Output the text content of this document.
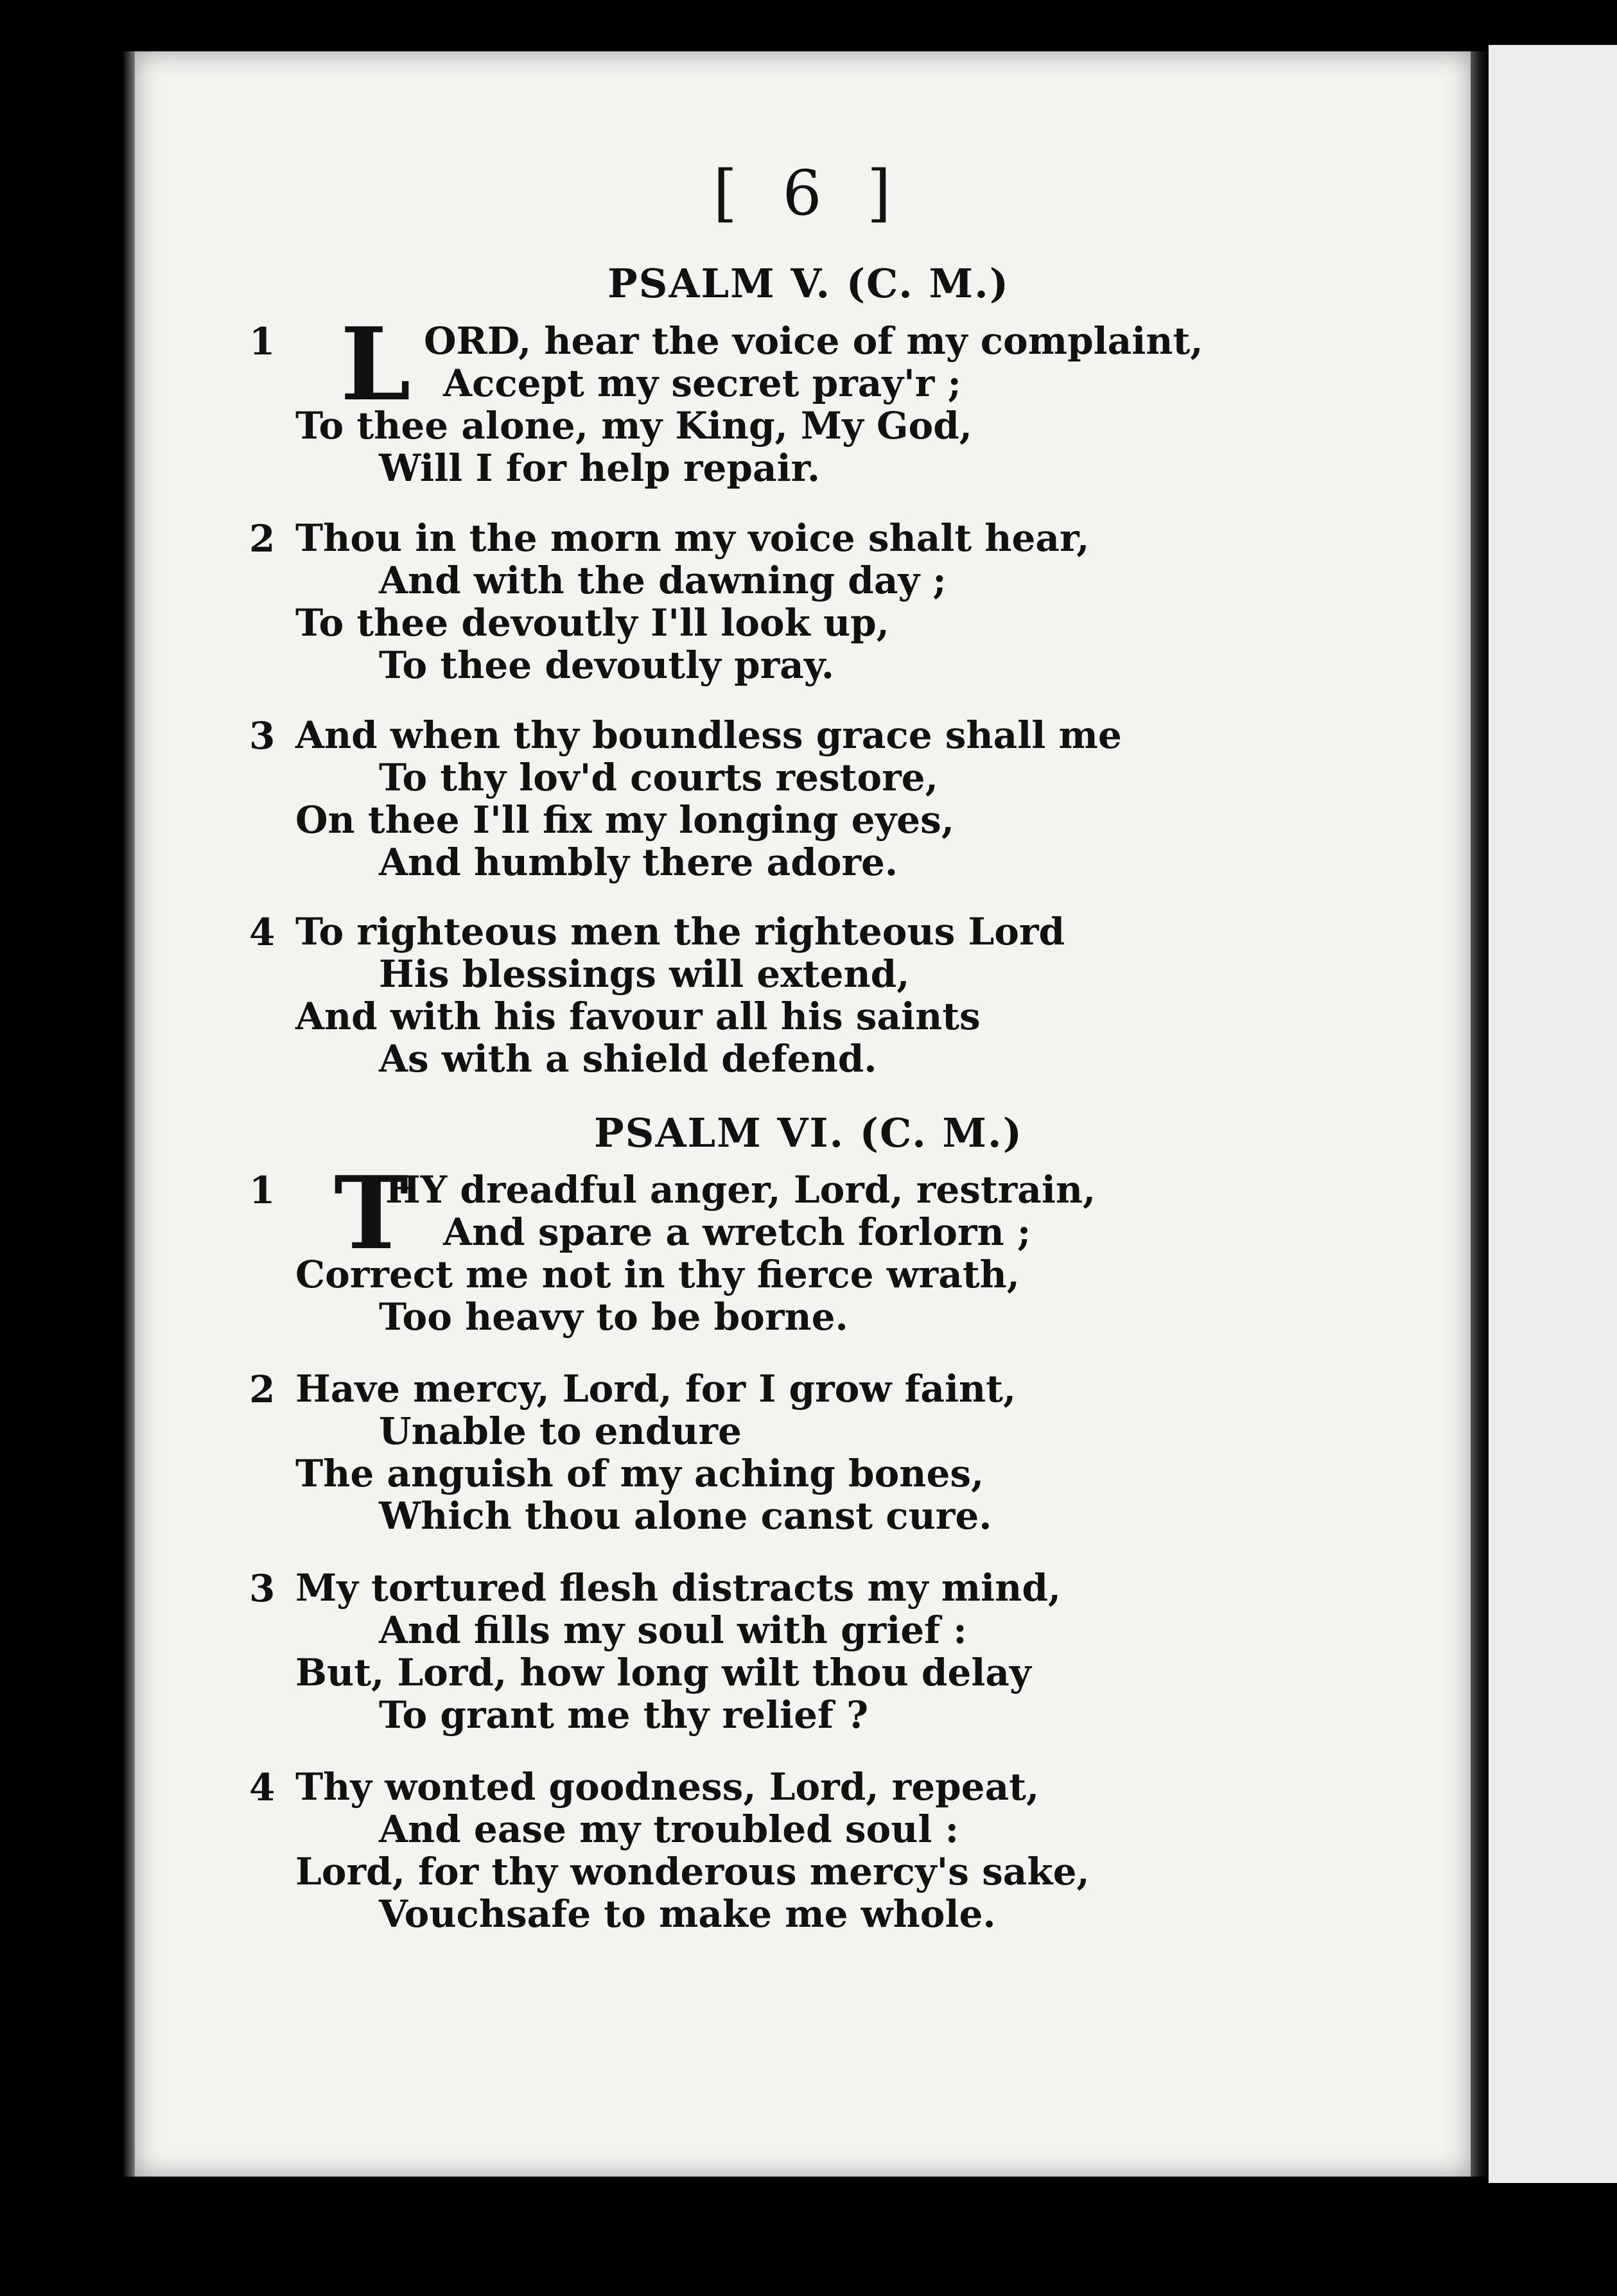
[ 6 ]
PSALM V. (C. M.)
1 L ORD, hear the voice of my complaint,
Accept my secret pray'r ;
To thee alone, my King, My God,
Will I for help repair.
2 Thou in the morn my voice shalt hear,
And with the dawning day ;
To thee devoutly I'll look up,
To thee devoutly pray.
3 And when thy boundless grace shall me
To thy lov'd courts restore,
On thee I'll fix my longing eyes,
And humbly there adore.
4 To righteous men the righteous Lord
His blessings will extend,
And with his favour all his saints
As with a shield defend.
PSALM VI. (C. M.)
1 T
HY dreadful anger, Lord, restrain,
And spare a wretch forlorn ;
Correct me not in thy fierce wrath,
Too heavy to be borne.
2 Have mercy, Lord, for I grow faint,
Unable to endure
The anguish of my aching bones,
Which thou alone canst cure.
3 My tortured flesh distracts my mind,
And fills my soul with grief :
But, Lord, how long wilt thou delay
To grant me thy relief ?
4 Thy wonted goodness, Lord, repeat,
And ease my troubled soul :
Lord, for thy wonderous mercy's sake,
Vouchsafe to make me whole.
